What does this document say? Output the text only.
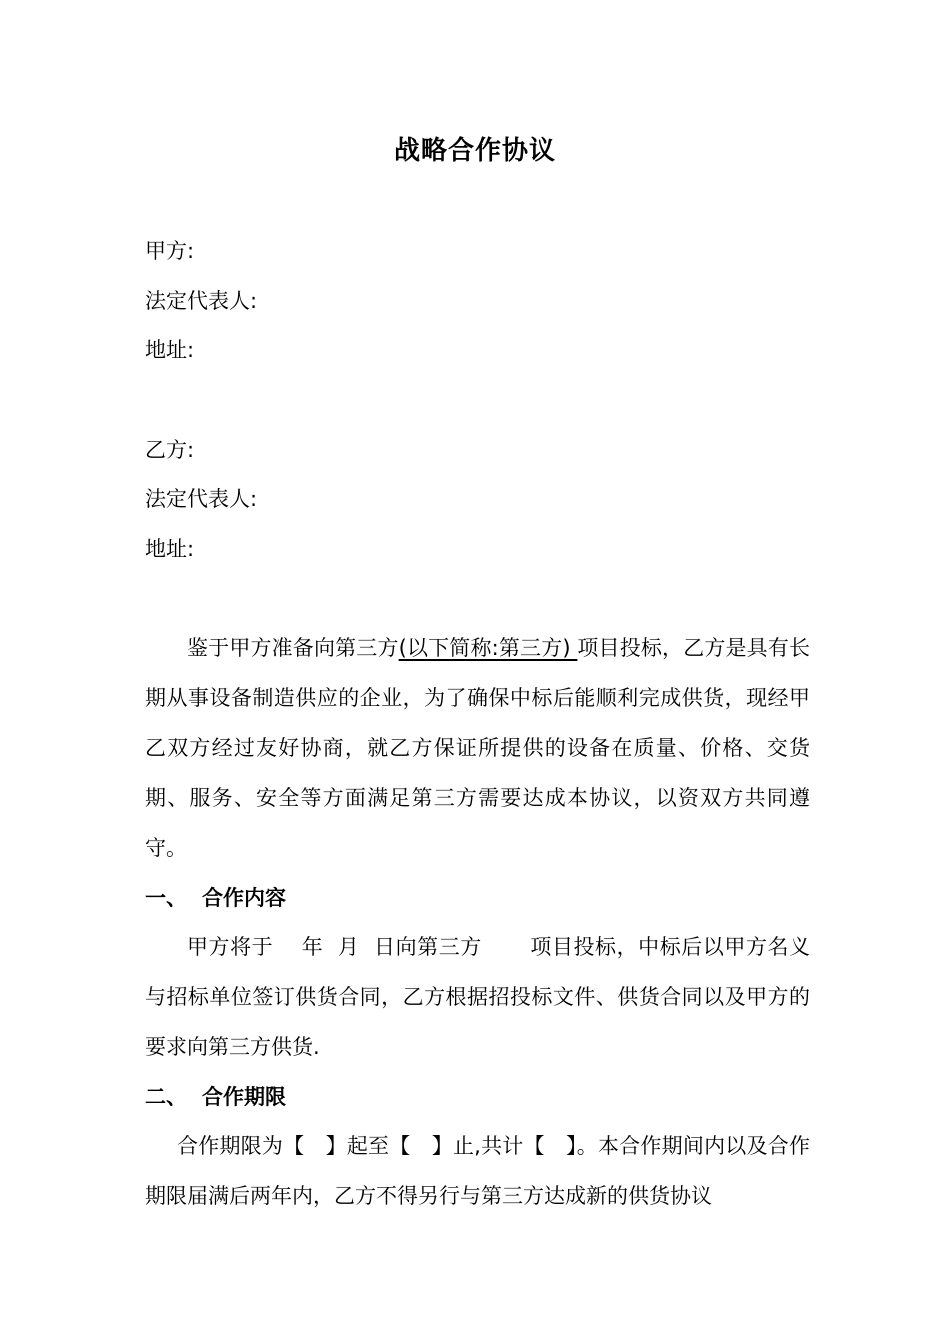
战略合作协议
甲方:
法定代表人:
地址:
乙方:
法定代表人:
地址:
鉴于甲方准备向第三方(以下简称:第三方) 项目投标，乙方是具有长期从事设备制造供应的企业，为了确保中标后能顺利完成供货，现经甲乙双方经过友好协商，就乙方保证所提供的设备在质量、价格、交货期、服务、安全等方面满足第三方需要达成本协议，以资双方共同遵守。
一、 合作内容
甲方将于 年 月 日向第三方 项目投标，中标后以甲方名义与招标单位签订供货合同，乙方根据招投标文件、供货合同以及甲方的要求向第三方供货.
二、 合作期限
合作期限为【　】起至【　】止,共计【　】。本合作期间内以及合作期限届满后两年内，乙方不得另行与第三方达成新的供货协议
